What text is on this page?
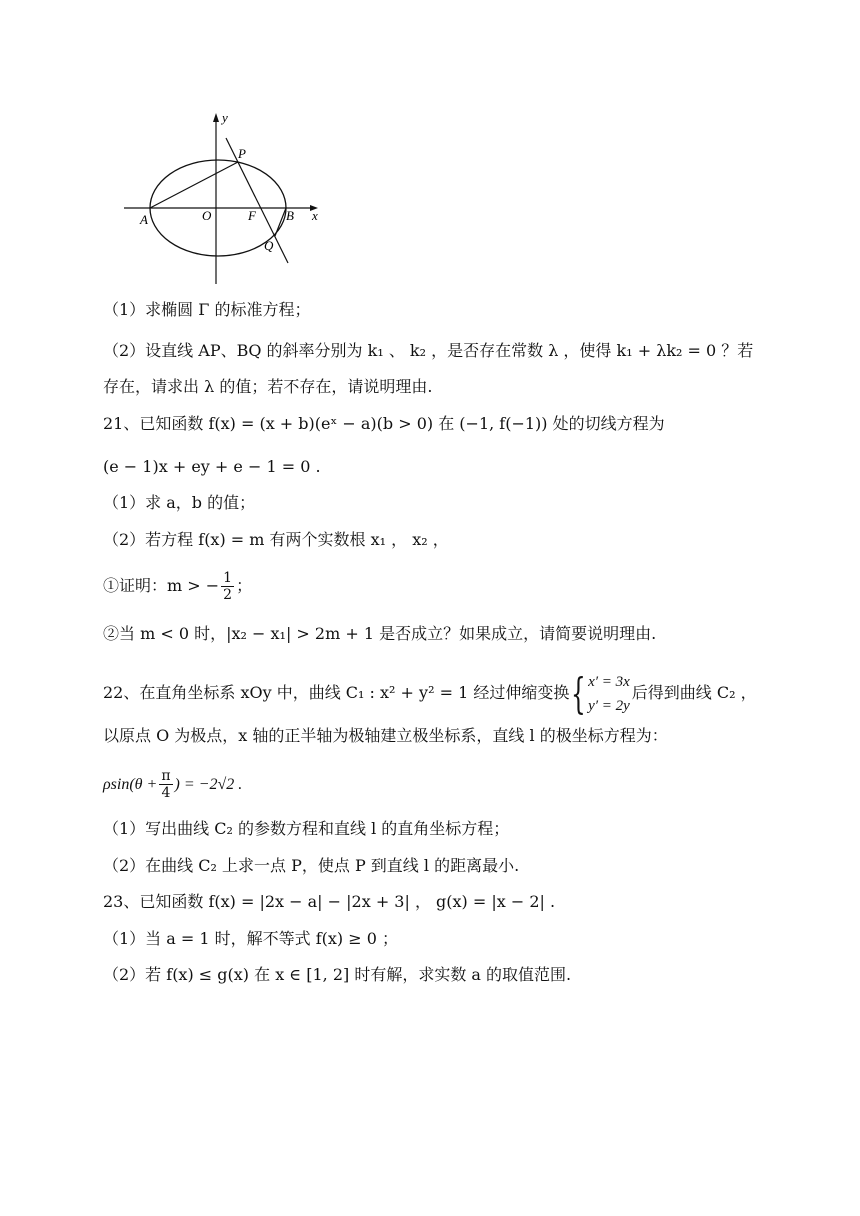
y
x
P
A	O	F B
Q
（1）求椭圆 Γ 的标准方程；
（2）设直线 AP、BQ 的斜率分别为 k₁ 、 k₂ ，是否存在常数 λ ，使得 k₁ + λk₂ = 0 ？若
存在，请求出 λ 的值；若不存在，请说明理由.
21、已知函数 f(x) = (x + b)(eˣ − a)(b > 0) 在 (−1, f(−1)) 处的切线方程为
(e − 1)x + ey + e − 1 = 0 .
（1）求 a，b 的值；
（2）若方程 f(x) = m 有两个实数根 x₁ ， x₂ ，
①证明：m > − $\frac{1}{2}$ ；
②当 m < 0 时，|x₂ − x₁| > 2m + 1 是否成立？如果成立，请简要说明理由.
22、在直角坐标系 xOy 中，曲线 C₁ : x² + y² = 1 经过伸缩变换{ x′ = 3x
y′ = 2y
后得到曲线 C₂ ，
以原点 O 为极点，x 轴的正半轴为极轴建立极坐标系，直线 l 的极坐标方程为：
$\rho\sin(\theta + \frac{\pi}{4}$ ) = −2√2 .
（1）写出曲线 C₂ 的参数方程和直线 l 的直角坐标方程；
（2）在曲线 C₂ 上求一点 P，使点 P 到直线 l 的距离最小.
23、已知函数 f(x) = |2x − a| − |2x + 3| ， g(x) = |x − 2| .
（1）当 a = 1 时，解不等式 f(x) ≥ 0 ；
（2）若 f(x) ≤ g(x) 在 x ∈ [1, 2] 时有解，求实数 a 的取值范围.
